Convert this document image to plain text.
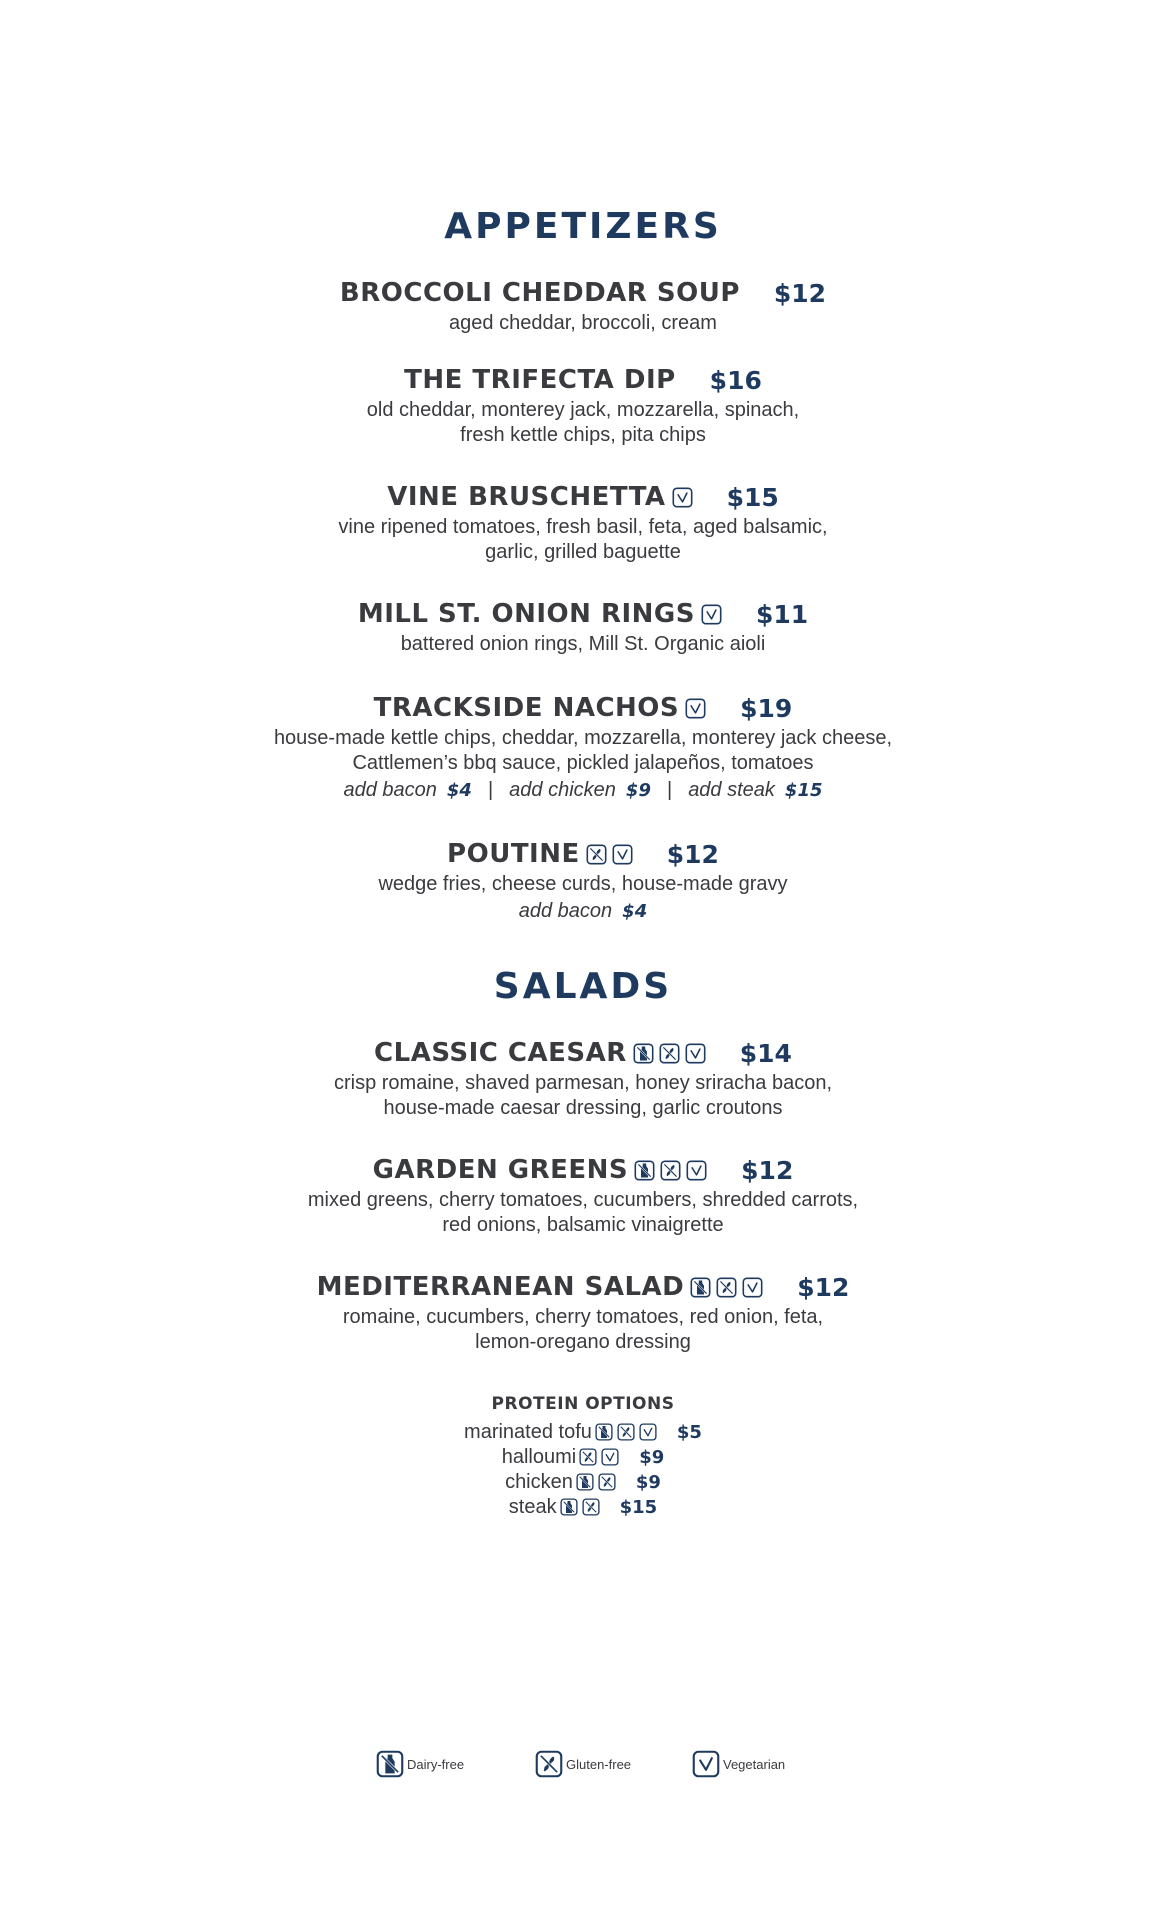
APPETIZERS
SALADS
BROCCOLI CHEDDAR SOUP $12
aged cheddar, broccoli, cream
THE TRIFECTA DIP $16
old cheddar, monterey jack, mozzarella, spinach,
fresh kettle chips, pita chips
VINE BRUSCHETTA $15
vine ripened tomatoes, fresh basil, feta, aged balsamic,
garlic, grilled baguette
MILL ST. ONION RINGS $11
battered onion rings, Mill St. Organic aioli
TRACKSIDE NACHOS $19
house-made kettle chips, cheddar, mozzarella, monterey jack cheese,
Cattlemen’s bbq sauce, pickled jalapeños, tomatoes
add bacon $4 | add chicken $9 | add steak $15
POUTINE	$12
wedge fries, cheese curds, house-made gravy
add bacon $4
CLASSIC CAESAR	$14
crisp romaine, shaved parmesan, honey sriracha bacon,
house-made caesar dressing, garlic croutons
GARDEN GREENS	$12
mixed greens, cherry tomatoes, cucumbers, shredded carrots,
red onions, balsamic vinaigrette
MEDITERRANEAN SALAD	$12
romaine, cucumbers, cherry tomatoes, red onion, feta,
lemon-oregano dressing
PROTEIN OPTIONS
marinated tofu	$5
halloumi	$9
chicken	$9
steak	$15
Dairy-free	Gluten-free	Vegetarian
